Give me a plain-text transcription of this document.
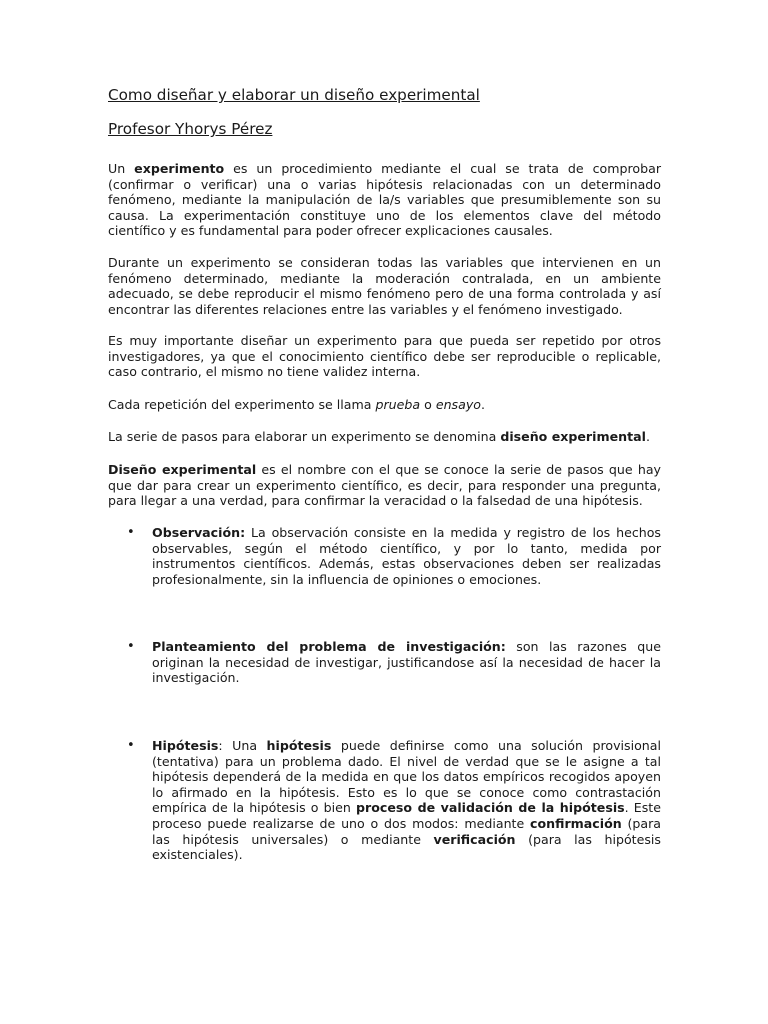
Como diseñar y elaborar un diseño experimental
Profesor Yhorys Pérez

Un experimento es un procedimiento mediante el cual se trata de comprobar (confirmar o verificar) una o varias hipótesis relacionadas con un determinado fenómeno, mediante la manipulación de la/s variables que presumiblemente son su causa. La experimentación constituye uno de los elementos clave del método científico y es fundamental para poder ofrecer explicaciones causales.

Durante un experimento se consideran todas las variables que intervienen en un fenómeno determinado, mediante la moderación contralada, en un ambiente adecuado, se debe reproducir el mismo fenómeno pero de una forma controlada y así encontrar las diferentes relaciones entre las variables y el fenómeno investigado.

Es muy importante diseñar un experimento para que pueda ser repetido por otros investigadores, ya que el conocimiento científico debe ser reproducible o replicable, caso contrario, el mismo no tiene validez interna.

Cada repetición del experimento se llama prueba o ensayo.

La serie de pasos para elaborar un experimento se denomina diseño experimental.

Diseño experimental es el nombre con el que se conoce la serie de pasos que hay que dar para crear un experimento científico, es decir, para responder una pregunta, para llegar a una verdad, para confirmar la veracidad o la falsedad de una hipótesis.

• Observación: La observación consiste en la medida y registro de los hechos observables, según el método científico, y por lo tanto, medida por instrumentos científicos. Además, estas observaciones deben ser realizadas profesionalmente, sin la influencia de opiniones o emociones.

• Planteamiento del problema de investigación: son las razones que originan la necesidad de investigar, justificandose así la necesidad de hacer la investigación.

• Hipótesis: Una hipótesis puede definirse como una solución provisional (tentativa) para un problema dado. El nivel de verdad que se le asigne a tal hipótesis dependerá de la medida en que los datos empíricos recogidos apoyen lo afirmado en la hipótesis. Esto es lo que se conoce como contrastación empírica de la hipótesis o bien proceso de validación de la hipótesis. Este proceso puede realizarse de uno o dos modos: mediante confirmación (para las hipótesis universales) o mediante verificación (para las hipótesis existenciales).
